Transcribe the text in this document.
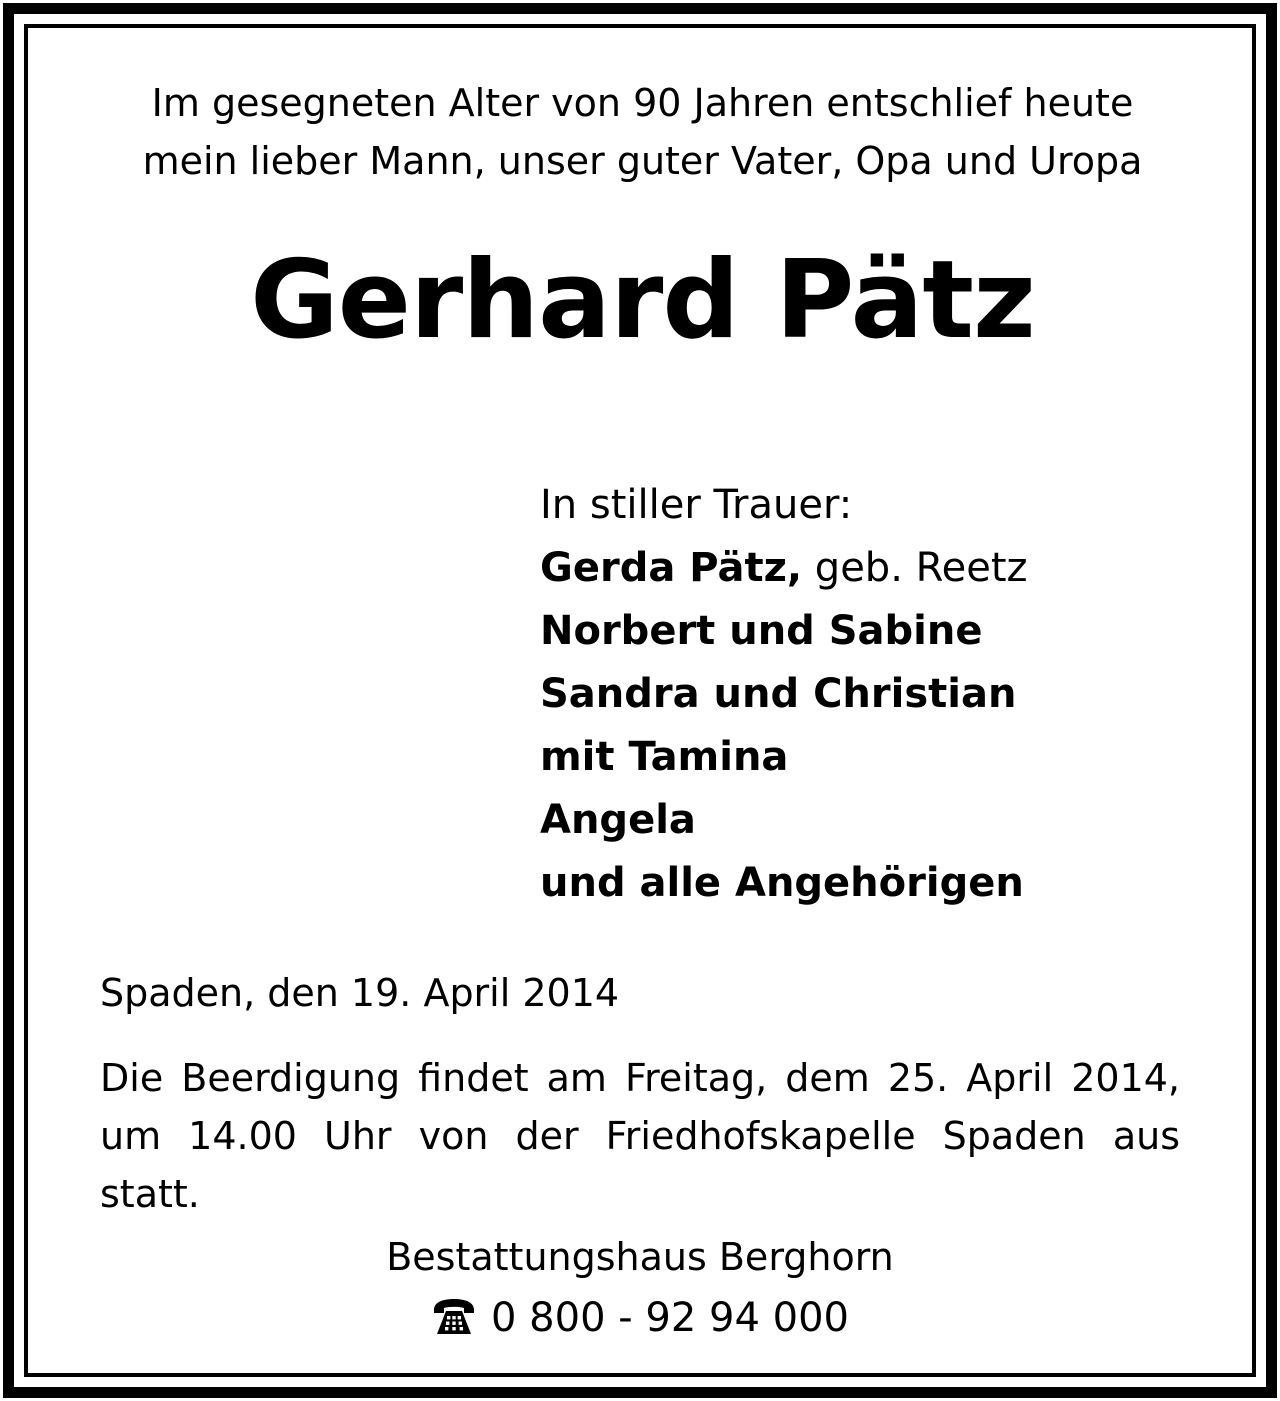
Im gesegneten Alter von 90 Jahren entschlief heute
mein lieber Mann, unser guter Vater, Opa und Uropa

Gerhard Pätz
In stiller Trauer:
Gerda Pätz, geb. Reetz
Norbert und Sabine
Sandra und Christian
mit Tamina
Angela
und alle Angehörigen

Spaden, den 19. April 2014

Die Beerdigung findet am Freitag, dem 25. April 2014,
um 14.00 Uhr von der Friedhofskapelle Spaden aus
statt.

Bestattungshaus Berghorn

0 800 - 92 94 000
